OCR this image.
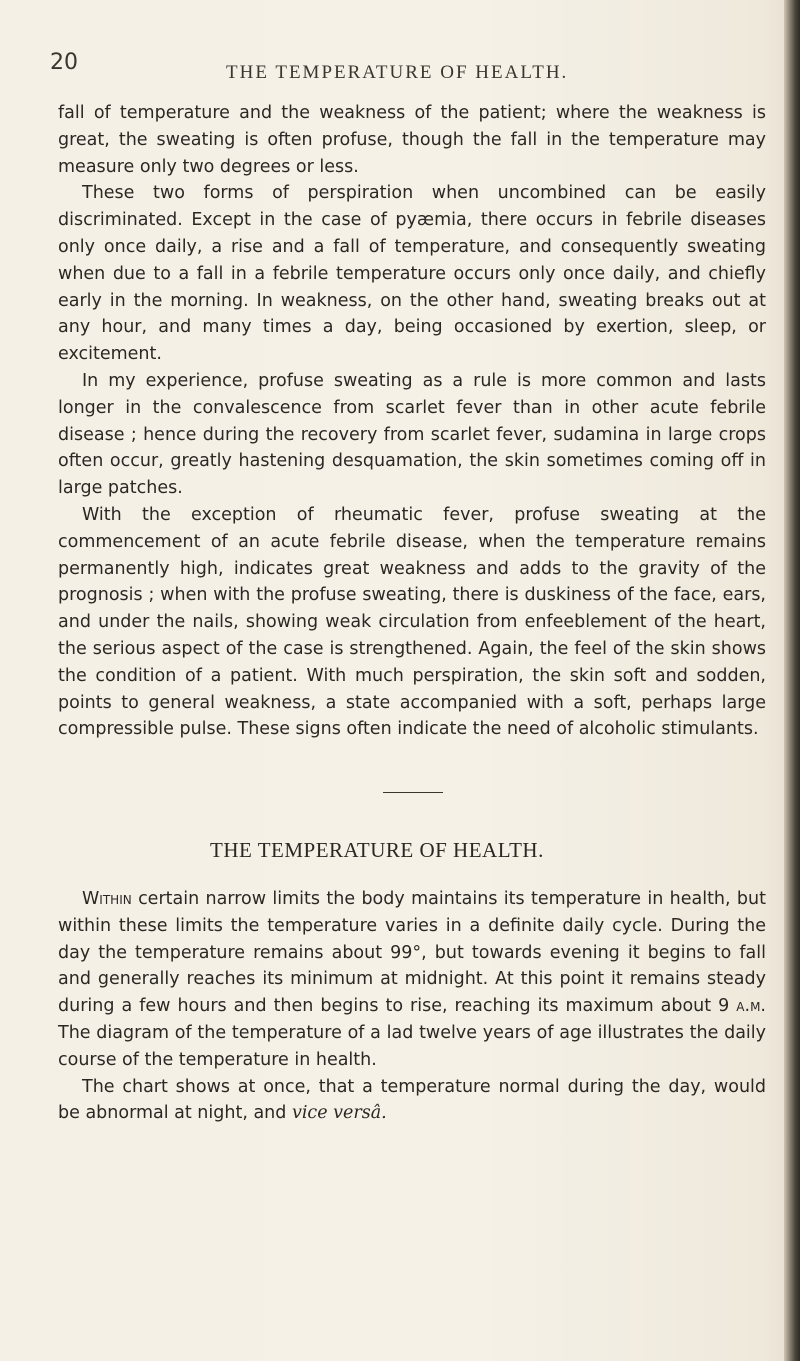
20	THE TEMPERATURE OF HEALTH.

fall of temperature and the weakness of the patient; where the weakness is great, the sweating is often profuse, though the fall in the temperature may measure only two degrees or less.

These two forms of perspiration when uncombined can be easily discriminated. Except in the case of pyæmia, there occurs in febrile diseases only once daily, a rise and a fall of temperature, and consequently sweating when due to a fall in a febrile temperature occurs only once daily, and chiefly early in the morning. In weakness, on the other hand, sweating breaks out at any hour, and many times a day, being occasioned by exertion, sleep, or excitement.

In my experience, profuse sweating as a rule is more common and lasts longer in the convalescence from scarlet fever than in other acute febrile disease ; hence during the recovery from scarlet fever, sudamina in large crops often occur, greatly hastening desquamation, the skin sometimes coming off in large patches.

With the exception of rheumatic fever, profuse sweating at the commencement of an acute febrile disease, when the temperature remains permanently high, indicates great weakness and adds to the gravity of the prognosis ; when with the profuse sweating, there is duskiness of the face, ears, and under the nails, showing weak circulation from enfeeblement of the heart, the serious aspect of the case is strengthened. Again, the feel of the skin shows the condition of a patient. With much perspiration, the skin soft and sodden, points to general weakness, a state accompanied with a soft, perhaps large compressible pulse. These signs often indicate the need of alcoholic stimulants.

THE TEMPERATURE OF HEALTH.

Within certain narrow limits the body maintains its temperature in health, but within these limits the temperature varies in a definite daily cycle. During the day the temperature remains about 99°, but towards evening it begins to fall and generally reaches its minimum at midnight. At this point it remains steady during a few hours and then begins to rise, reaching its maximum about 9 a.m. The diagram of the temperature of a lad twelve years of age illustrates the daily course of the temperature in health.

The chart shows at once, that a temperature normal during the day, would be abnormal at night, and vice versâ.
